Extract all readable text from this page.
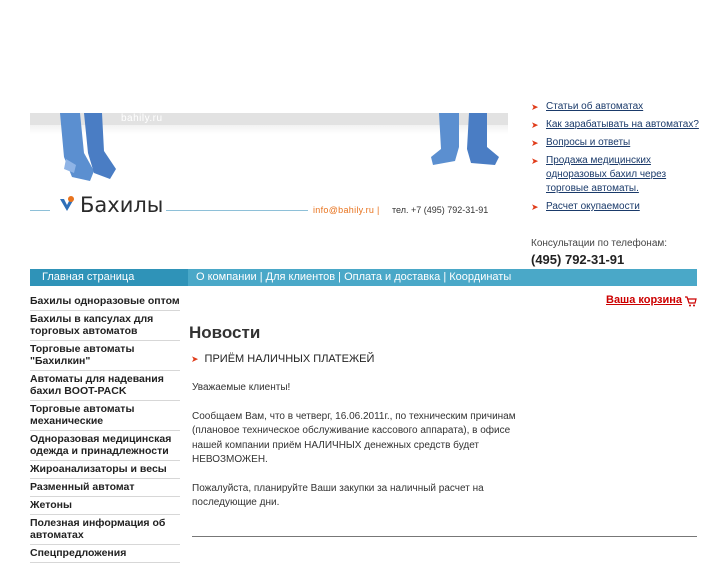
bahily.ru
Бахилы	info@bahily.ru | тел. +7 (495) 792-31-91
➤ Статьи об автоматах
➤ Как зарабатывать на автоматах?
➤ Вопросы и ответы
➤ Продажа медицинских одноразовых бахил через торговые автоматы.
➤ Расчет окупаемости
Консультации по телефонам:
(495) 792-31-91
Главная страница	О компании | Для клиентов | Оплата и доставка | Координаты
Бахилы одноразовые оптом
Бахилы в капсулах для торговых автоматов
Торговые автоматы "Бахилкин"
Автоматы для надевания бахил BOOT-PACK
Торговые автоматы механические
Одноразовая медицинская одежда и принадлежности
Жироанализаторы и весы
Разменный автомат
Жетоны
Полезная информация об автоматах
Спецпредложения
Ваша корзина
Новости
➤ ПРИЁМ НАЛИЧНЫХ ПЛАТЕЖЕЙ

Уважаемые клиенты!

Сообщаем Вам, что в четверг, 16.06.2011г., по техническим причинам (плановое техническое обслуживание кассового аппарата), в офисе нашей компании приём НАЛИЧНЫХ денежных средств будет НЕВОЗМОЖЕН.

Пожалуйста, планируйте Ваши закупки за наличный расчет на последующие дни.
